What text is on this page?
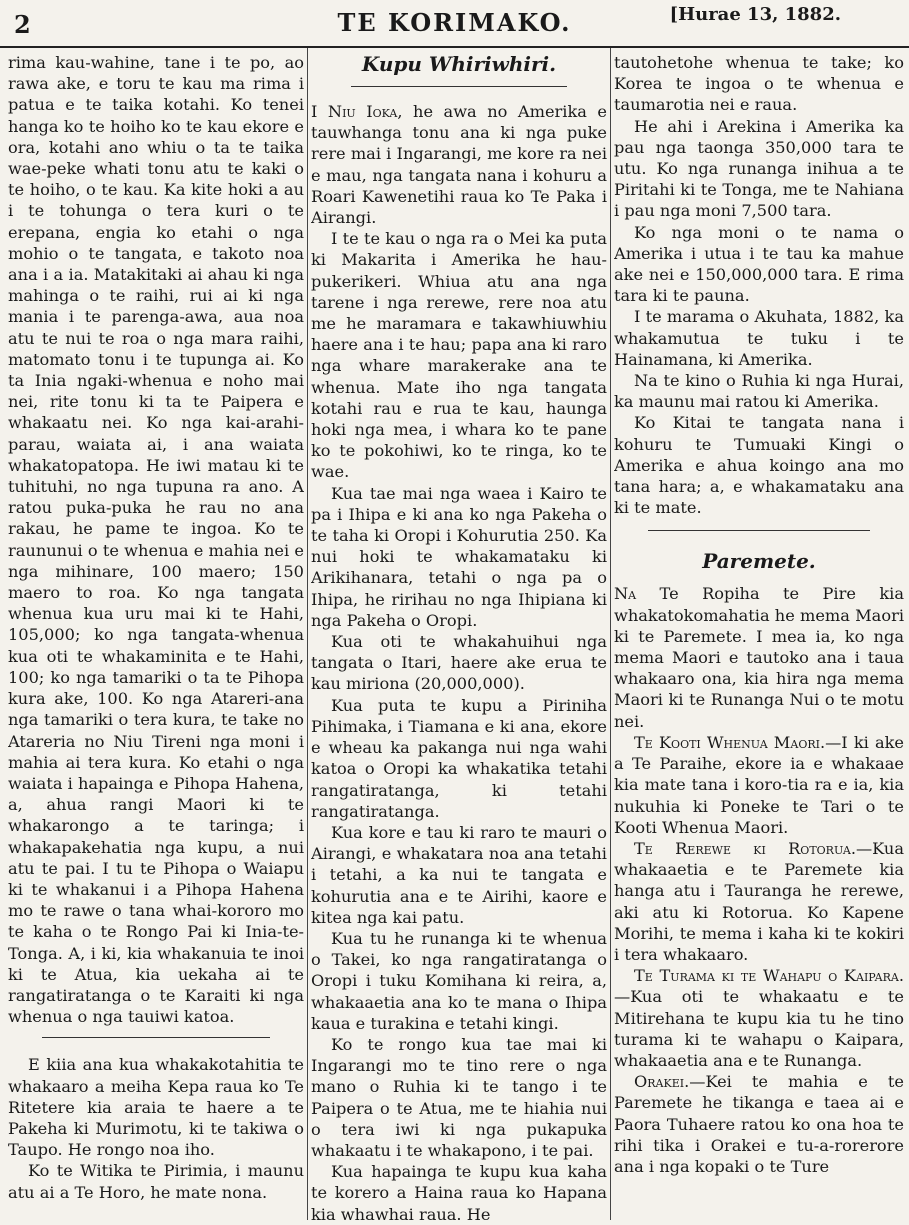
2	TE KORIMAKO.	[Hurae 13, 1882.

rima kau-wahine, tane i te po, ao rawa ake, e toru te kau ma rima i patua e te taika kotahi. Ko tenei hanga ko te hoiho ko te kau ekore e ora, kotahi ano whiu o ta te taika wae-peke whati tonu atu te kaki o te hoiho, o te kau. Ka kite hoki a au i te tohunga o tera kuri o te erepana, engia ko etahi o nga mohio o te tangata, e takoto noa ana i a ia. Matakitaki ai ahau ki nga mahinga o te raihi, rui ai ki nga mania i te parenga-awa, aua noa atu te nui te roa o nga mara raihi, matomato tonu i te tupunga ai. Ko ta Inia ngaki-whenua e noho mai nei, rite tonu ki ta te Paipera e whakaatu nei. Ko nga kai-arahi-parau, waiata ai, i ana waiata whakatopatopa. He iwi matau ki te tuhituhi, no nga tupuna ra ano. A ratou puka-puka he rau no ana rakau, he pame te ingoa. Ko te raununui o te whenua e mahia nei e nga mihinare, 100 maero; 150 maero to roa. Ko nga tangata whenua kua uru mai ki te Hahi, 105,000; ko nga tangata-whenua kua oti te whakaminita e te Hahi, 100; ko nga tamariki o ta te Pihopa kura ake, 100. Ko nga Atareri-ana nga tamariki o tera kura, te take no Atareria no Niu Tireni nga moni i mahia ai tera kura. Ko etahi o nga waiata i hapainga e Pihopa Hahena, a, ahua rangi Maori ki te whakarongo a te taringa; i whakapakehatia nga kupu, a nui atu te pai. I tu te Pihopa o Waiapu ki te whakanui i a Pihopa Hahena mo te rawe o tana whai-kororo mo te kaha o te Rongo Pai ki Inia-te-Tonga. A, i ki, kia whakanuia te inoi ki te Atua, kia uekaha ai te rangatiratanga o te Karaiti ki nga whenua o nga tauiwi katoa.

E kiia ana kua whakakotahitia te whakaaro a meiha Kepa raua ko Te Ritetere kia araia te haere a te Pakeha ki Murimotu, ki te takiwa o Taupo. He rongo noa iho.

Ko te Witika te Pirimia, i maunu atu ai a Te Horo, he mate nona.

Kupu Whiriwhiri.

I Niu Ioka, he awa no Amerika e tauwhanga tonu ana ki nga puke rere mai i Ingarangi, me kore ra nei e mau, nga tangata nana i kohuru a Roari Kawenetihi raua ko Te Paka i Airangi.

I te te kau o nga ra o Mei ka puta ki Makarita i Amerika he hau-pukerikeri. Whiua atu ana nga tarene i nga rerewe, rere noa atu me he maramara e takawhiuwhiu haere ana i te hau; papa ana ki raro nga whare marakerake ana te whenua. Mate iho nga tangata kotahi rau e rua te kau, haunga hoki nga mea, i whara ko te pane ko te pokohiwi, ko te ringa, ko te wae.

Kua tae mai nga waea i Kairo te pa i Ihipa e ki ana ko nga Pakeha o te taha ki Oropi i Kohurutia 250. Ka nui hoki te whakamataku ki Arikihanara, tetahi o nga pa o Ihipa, he ririhau no nga Ihipiana ki nga Pakeha o Oropi.

Kua oti te whakahuihui nga tangata o Itari, haere ake erua te kau miriona (20,000,000).

Kua puta te kupu a Piriniha Pihimaka, i Tiamana e ki ana, ekore e wheau ka pakanga nui nga wahi katoa o Oropi ka whakatika tetahi rangatiratanga, ki tetahi rangatiratanga.

Kua kore e tau ki raro te mauri o Airangi, e whakatara noa ana tetahi i tetahi, a ka nui te tangata e kohurutia ana e te Airihi, kaore e kitea nga kai patu.

Kua tu he runanga ki te whenua o Takei, ko nga rangatiratanga o Oropi i tuku Komihana ki reira, a, whakaaetia ana ko te mana o Ihipa kaua e turakina e tetahi kingi.

Ko te rongo kua tae mai ki Ingarangi mo te tino rere o nga mano o Ruhia ki te tango i te Paipera o te Atua, me te hiahia nui o tera iwi ki nga pukapuka whakaatu i te whakapono, i te pai.

Kua hapainga te kupu kua kaha te korero a Haina raua ko Hapana kia whawhai raua. He

tautohetohe whenua te take; ko Korea te ingoa o te whenua e taumarotia nei e raua.

He ahi i Arekina i Amerika ka pau nga taonga 350,000 tara te utu. Ko nga runanga inihua a te Piritahi ki te Tonga, me te Nahiana i pau nga moni 7,500 tara.

Ko nga moni o te nama o Amerika i utua i te tau ka mahue ake nei e 150,000,000 tara. E rima tara ki te pauna.

I te marama o Akuhata, 1882, ka whakamutua te tuku i te Hainamana, ki Amerika.

Na te kino o Ruhia ki nga Hurai, ka maunu mai ratou ki Amerika.

Ko Kitai te tangata nana i kohuru te Tumuaki Kingi o Amerika e ahua koingo ana mo tana hara; a, e whakamataku ana ki te mate.

Paremete.

Na Te Ropiha te Pire kia whakatokomahatia he mema Maori ki te Paremete. I mea ia, ko nga mema Maori e tautoko ana i taua whakaaro ona, kia hira nga mema Maori ki te Runanga Nui o te motu nei.

Te Kooti Whenua Maori.—I ki ake a Te Paraihe, ekore ia e whakaae kia mate tana i koro-tia ra e ia, kia nukuhia ki Poneke te Tari o te Kooti Whenua Maori.

Te Rerewe ki Rotorua.—Kua whakaaetia e te Paremete kia hanga atu i Tauranga he rerewe, aki atu ki Rotorua. Ko Kapene Morihi, te mema i kaha ki te kokiri i tera whakaaro.

Te Turama ki te Wahapu o Kaipara.—Kua oti te whakaatu e te Mitirehana te kupu kia tu he tino turama ki te wahapu o Kaipara, whakaaetia ana e te Runanga.

Orakei.—Kei te mahia e te Paremete he tikanga e taea ai e Paora Tuhaere ratou ko ona hoa te rihi tika i Orakei e tu-a-rorerore ana i nga kopaki o te Ture
